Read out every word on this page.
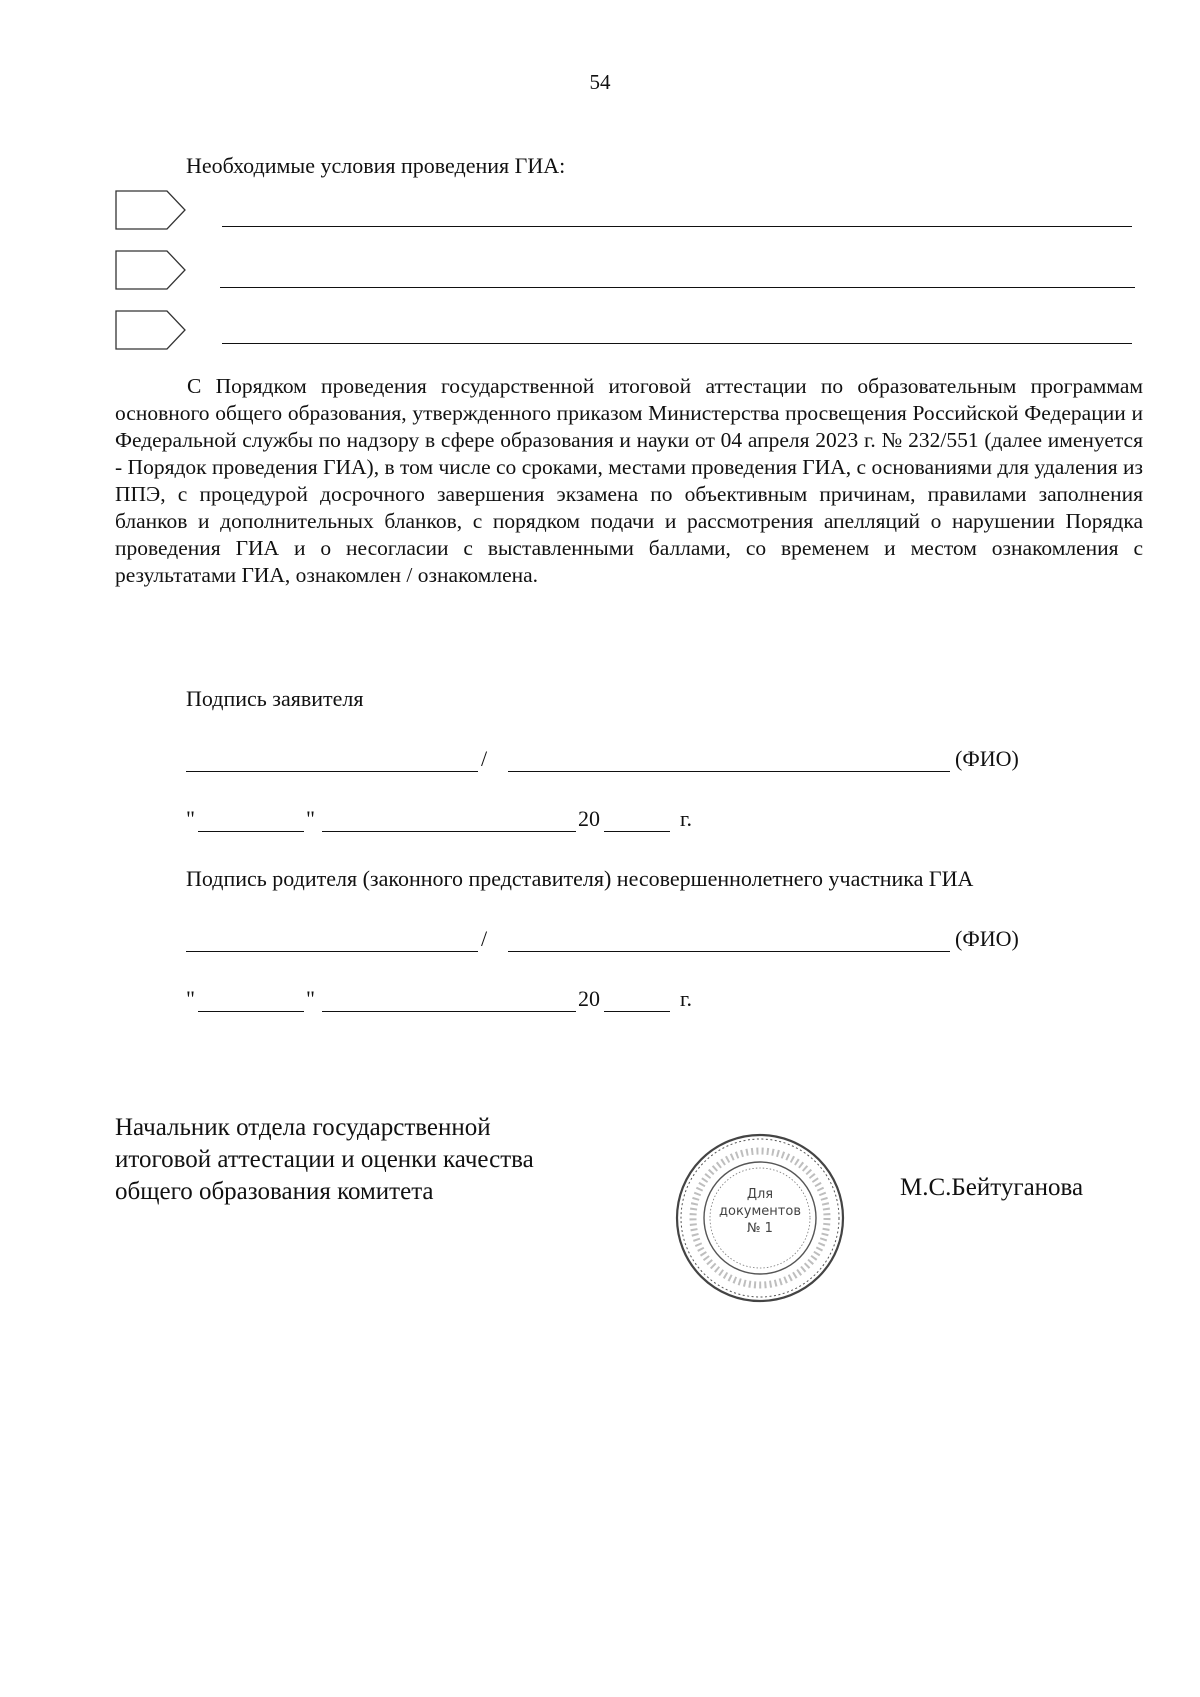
54
Необходимые условия проведения ГИА:

С Порядком проведения государственной итоговой аттестации по образовательным программам основного общего образования, утвержденного приказом Министерства просвещения Российской Федерации и Федеральной службы по надзору в сфере образования и науки от 04 апреля 2023 г. № 232/551 (далее именуется - Порядок проведения ГИА), в том числе со сроками, местами проведения ГИА, с основаниями для удаления из ППЭ, с процедурой досрочного завершения экзамена по объективным причинам, правилами заполнения бланков и дополнительных бланков, с порядком подачи и рассмотрения апелляций о нарушении Порядка проведения ГИА и о несогласии с выставленными баллами, со временем и местом ознакомления с результатами ГИА, ознакомлен / ознакомлена.

Подпись заявителя
/	(ФИО)
"	"	20	г.
Подпись родителя (законного представителя) несовершеннолетнего участника ГИА
/	(ФИО)
"	"	20	г.
Начальник отдела государственной
итоговой аттестации и оценки качества
общего образования комитета	Для
документов
№ 1
М.С.Бейтуганова
